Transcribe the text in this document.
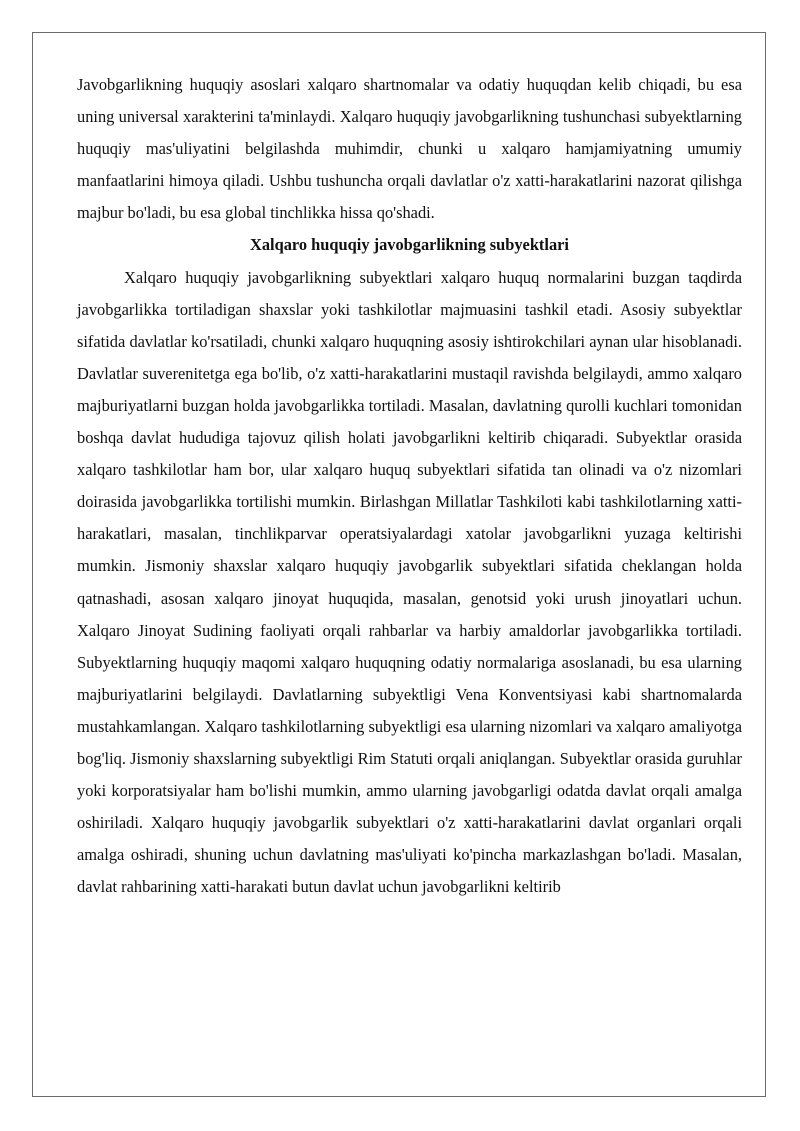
Javobgarlikning huquqiy asoslari xalqaro shartnomalar va odatiy huquqdan kelib chiqadi, bu esa uning universal xarakterini ta'minlaydi. Xalqaro huquqiy javobgarlikning tushunchasi subyektlarning huquqiy mas'uliyatini belgilashda muhimdir, chunki u xalqaro hamjamiyatning umumiy manfaatlarini himoya qiladi. Ushbu tushuncha orqali davlatlar o'z xatti-harakatlarini nazorat qilishga majbur bo'ladi, bu esa global tinchlikka hissa qo'shadi.

Xalqaro huquqiy javobgarlikning subyektlari

Xalqaro huquqiy javobgarlikning subyektlari xalqaro huquq normalarini buzgan taqdirda javobgarlikka tortiladigan shaxslar yoki tashkilotlar majmuasini tashkil etadi. Asosiy subyektlar sifatida davlatlar ko'rsatiladi, chunki xalqaro huquqning asosiy ishtirokchilari aynan ular hisoblanadi. Davlatlar suverenitetga ega bo'lib, o'z xatti-harakatlarini mustaqil ravishda belgilaydi, ammo xalqaro majburiyatlarni buzgan holda javobgarlikka tortiladi. Masalan, davlatning qurolli kuchlari tomonidan boshqa davlat hududiga tajovuz qilish holati javobgarlikni keltirib chiqaradi. Subyektlar orasida xalqaro tashkilotlar ham bor, ular xalqaro huquq subyektlari sifatida tan olinadi va o'z nizomlari doirasida javobgarlikka tortilishi mumkin. Birlashgan Millatlar Tashkiloti kabi tashkilotlarning xatti-harakatlari, masalan, tinchlikparvar operatsiyalardagi xatolar javobgarlikni yuzaga keltirishi mumkin. Jismoniy shaxslar xalqaro huquqiy javobgarlik subyektlari sifatida cheklangan holda qatnashadi, asosan xalqaro jinoyat huquqida, masalan, genotsid yoki urush jinoyatlari uchun. Xalqaro Jinoyat Sudining faoliyati orqali rahbarlar va harbiy amaldorlar javobgarlikka tortiladi. Subyektlarning huquqiy maqomi xalqaro huquqning odatiy normalariga asoslanadi, bu esa ularning majburiyatlarini belgilaydi. Davlatlarning subyektligi Vena Konventsiyasi kabi shartnomalarda mustahkamlangan. Xalqaro tashkilotlarning subyektligi esa ularning nizomlari va xalqaro amaliyotga bog'liq. Jismoniy shaxslarning subyektligi Rim Statuti orqali aniqlangan. Subyektlar orasida guruhlar yoki korporatsiyalar ham bo'lishi mumkin, ammo ularning javobgarligi odatda davlat orqali amalga oshiriladi. Xalqaro huquqiy javobgarlik subyektlari o'z xatti-harakatlarini davlat organlari orqali amalga oshiradi, shuning uchun davlatning mas'uliyati ko'pincha markazlashgan bo'ladi. Masalan, davlat rahbarining xatti-harakati butun davlat uchun javobgarlikni keltirib
